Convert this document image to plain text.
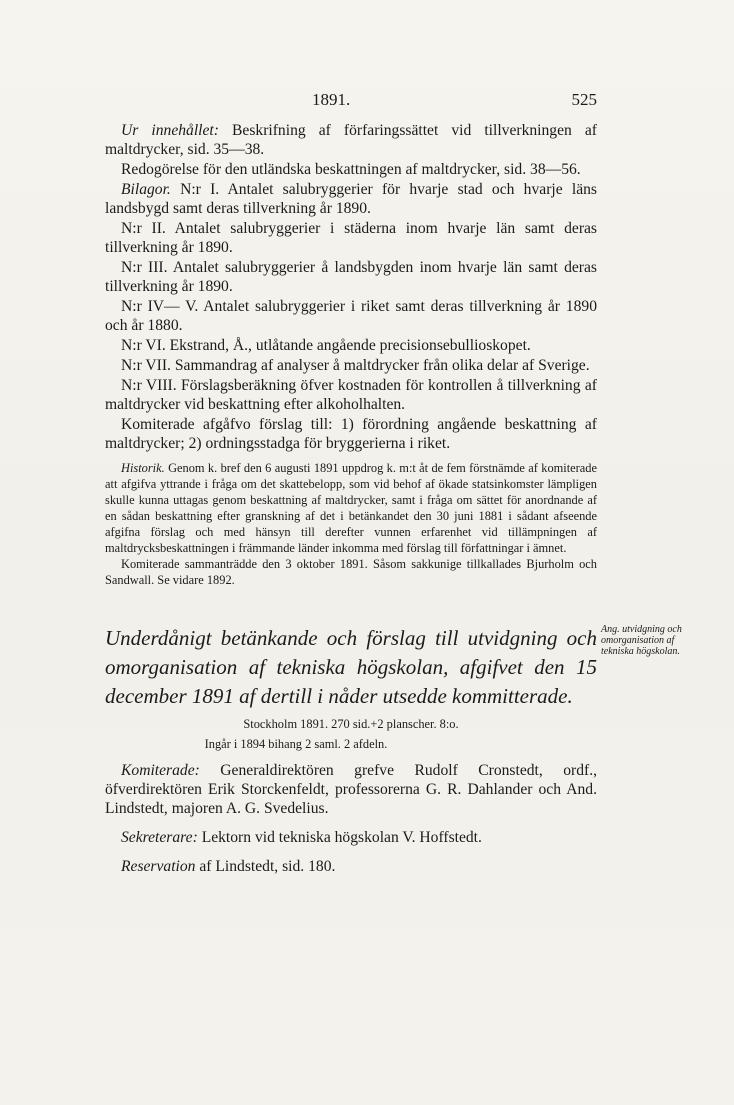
1891.	525

Ur innehållet: Beskrifning af förfaringssättet vid tillverkningen af maltdrycker, sid. 35—38.

Redogörelse för den utländska beskattningen af maltdrycker, sid. 38—56.

Bilagor. N:r I. Antalet salubryggerier för hvarje stad och hvarje läns landsbygd samt deras tillverkning år 1890.

N:r II. Antalet salubryggerier i städerna inom hvarje län samt deras tillverkning år 1890.

N:r III. Antalet salubryggerier å landsbygden inom hvarje län samt deras tillverkning år 1890.

N:r IV— V. Antalet salubryggerier i riket samt deras tillverkning år 1890 och år 1880.

N:r VI. Ekstrand, Å., utlåtande angående precisionsebullioskopet.

N:r VII. Sammandrag af analyser å maltdrycker från olika delar af Sverige.

N:r VIII. Förslagsberäkning öfver kostnaden för kontrollen å tillverkning af maltdrycker vid beskattning efter alkoholhalten.

Komiterade afgåfvo förslag till: 1) förordning angående beskattning af maltdrycker; 2) ordningsstadga för bryggerierna i riket.

Historik. Genom k. bref den 6 augusti 1891 uppdrog k. m:t åt de fem förstnämde af komiterade att afgifva yttrande i fråga om det skattebelopp, som vid behof af ökade statsinkomster lämpligen skulle kunna uttagas genom beskattning af maltdrycker, samt i fråga om sättet för anordnande af en sådan beskattning efter granskning af det i betänkandet den 30 juni 1881 i sådant afseende afgifna förslag och med hänsyn till derefter vunnen erfarenhet vid tillämpningen af maltdrycksbeskattningen i främmande länder inkomma med förslag till författningar i ämnet.

Komiterade sammanträdde den 3 oktober 1891. Såsom sakkunige tillkallades Bjurholm och Sandwall. Se vidare 1892.

Underdånigt betänkande och förslag till utvidgning och omorganisation af tekniska högskolan, afgifvet den 15 december 1891 af dertill i nåder utsedde kommitterade.

Ang. utvidgning och omorganisation af tekniska högskolan.

Stockholm 1891. 270 sid.+2 planscher. 8:o.

Ingår i 1894 bihang 2 saml. 2 afdeln.

Komiterade: Generaldirektören grefve Rudolf Cronstedt, ordf., öfverdirektören Erik Storckenfeldt, professorerna G. R. Dahlander och And. Lindstedt, majoren A. G. Svedelius.

Sekreterare: Lektorn vid tekniska högskolan V. Hoffstedt.

Reservation af Lindstedt, sid. 180.
